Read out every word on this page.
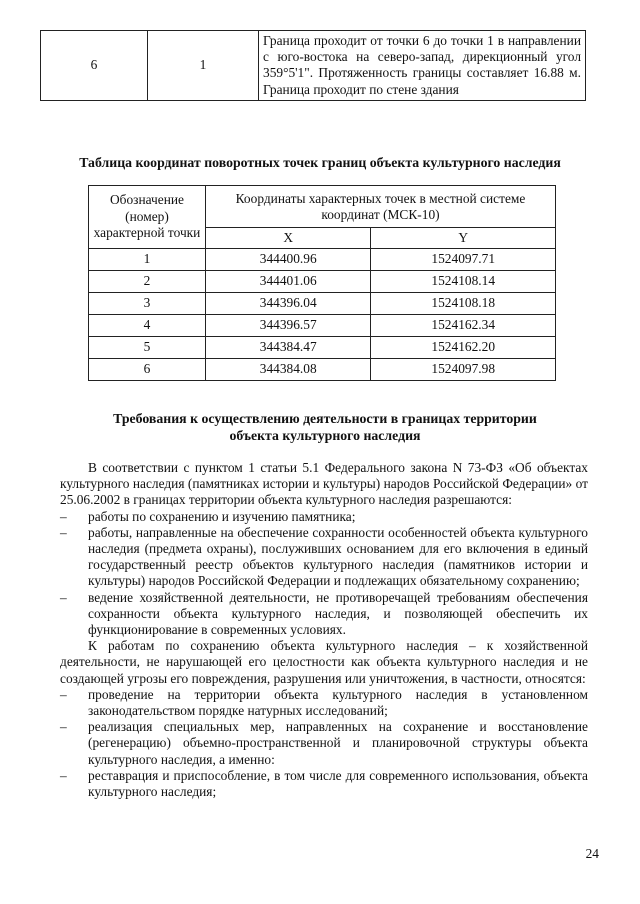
6	1	Граница проходит от точки 6 до точки 1 в направлении с юго-востока на северо-запад, дирекционный угол 359°5'1". Протяженность границы составляет 16.88 м. Граница проходит по стене здания
Таблица координат поворотных точек границ объекта культурного наследия
Обозначение (номер) характерной точки	Координаты характерных точек в местной системе координат (МСК-10)	
	X	Y
1	344400.96	1524097.71
2	344401.06	1524108.14
3	344396.04	1524108.18
4	344396.57	1524162.34
5	344384.47	1524162.20
6	344384.08	1524097.98
Требования к осуществлению деятельности в границах территории
объекта культурного наследия

В соответствии с пунктом 1 статьи 5.1 Федерального закона N 73-ФЗ «Об объектах культурного наследия (памятниках истории и культуры) народов Российской Федерации» от 25.06.2002 в границах территории объекта культурного наследия разрешаются:

–	работы по сохранению и изучению памятника;
–	работы, направленные на обеспечение сохранности особенностей объекта культурного наследия (предмета охраны), послуживших основанием для его включения в единый государственный реестр объектов культурного наследия (памятников истории и культуры) народов Российской Федерации и подлежащих обязательному сохранению;
–	ведение хозяйственной деятельности, не противоречащей требованиям обеспечения сохранности объекта культурного наследия, и позволяющей обеспечить их функционирование в современных условиях.

К работам по сохранению объекта культурного наследия – к хозяйственной деятельности, не нарушающей его целостности как объекта культурного наследия и не создающей угрозы его повреждения, разрушения или уничтожения, в частности, относятся:

–	проведение на территории объекта культурного наследия в установленном законодательством порядке натурных исследований;
–	реализация специальных мер, направленных на сохранение и восстановление (регенерацию) объемно-пространственной и планировочной структуры объекта культурного наследия, а именно:
–	реставрация и приспособление, в том числе для современного использования, объекта культурного наследия;
24
